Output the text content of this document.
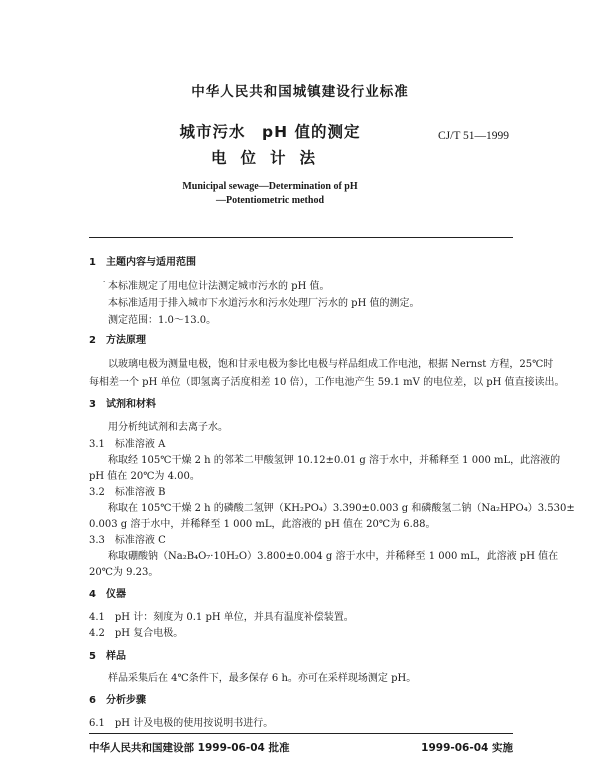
中华人民共和国城镇建设行业标准
城市污水　pH 值的测定
电位计法
CJ/T 51—1999
Municipal sewage—Determination of pH
—Potentiometric method
1　主题内容与适用范围
· 本标准规定了用电位计法测定城市污水的 pH 值。
本标准适用于排入城市下水道污水和污水处理厂污水的 pH 值的测定。
测定范围：1.0～13.0。
2　方法原理
以玻璃电极为测量电极，饱和甘汞电极为参比电极与样品组成工作电池，根据 Nernst 方程，25℃时
每相差一个 pH 单位（即氢离子活度相差 10 倍），工作电池产生 59.1 mV 的电位差，以 pH 值直接读出。
3　试剂和材料
用分析纯试剂和去离子水。
3.1　标准溶液 A
称取经 105℃干燥 2 h 的邻苯二甲酸氢钾 10.12±0.01 g 溶于水中，并稀释至 1 000 mL，此溶液的
pH 值在 20℃为 4.00。
3.2　标准溶液 B
称取在 105℃干燥 2 h 的磷酸二氢钾（KH₂PO₄）3.390±0.003 g 和磷酸氢二钠（Na₂HPO₄）3.530±
0.003 g 溶于水中，并稀释至 1 000 mL，此溶液的 pH 值在 20℃为 6.88。
3.3　标准溶液 C
称取硼酸钠（Na₂B₄O₇·10H₂O）3.800±0.004 g 溶于水中，并稀释至 1 000 mL，此溶液 pH 值在
20℃为 9.23。
4　仪器
4.1　pH 计：刻度为 0.1 pH 单位，并具有温度补偿装置。
4.2　pH 复合电极。
5　样品
样品采集后在 4℃条件下，最多保存 6 h。亦可在采样现场测定 pH。
6　分析步骤
6.1　pH 计及电极的使用按说明书进行。
中华人民共和国建设部 1999-06-04 批准	1999-06-04 实施
